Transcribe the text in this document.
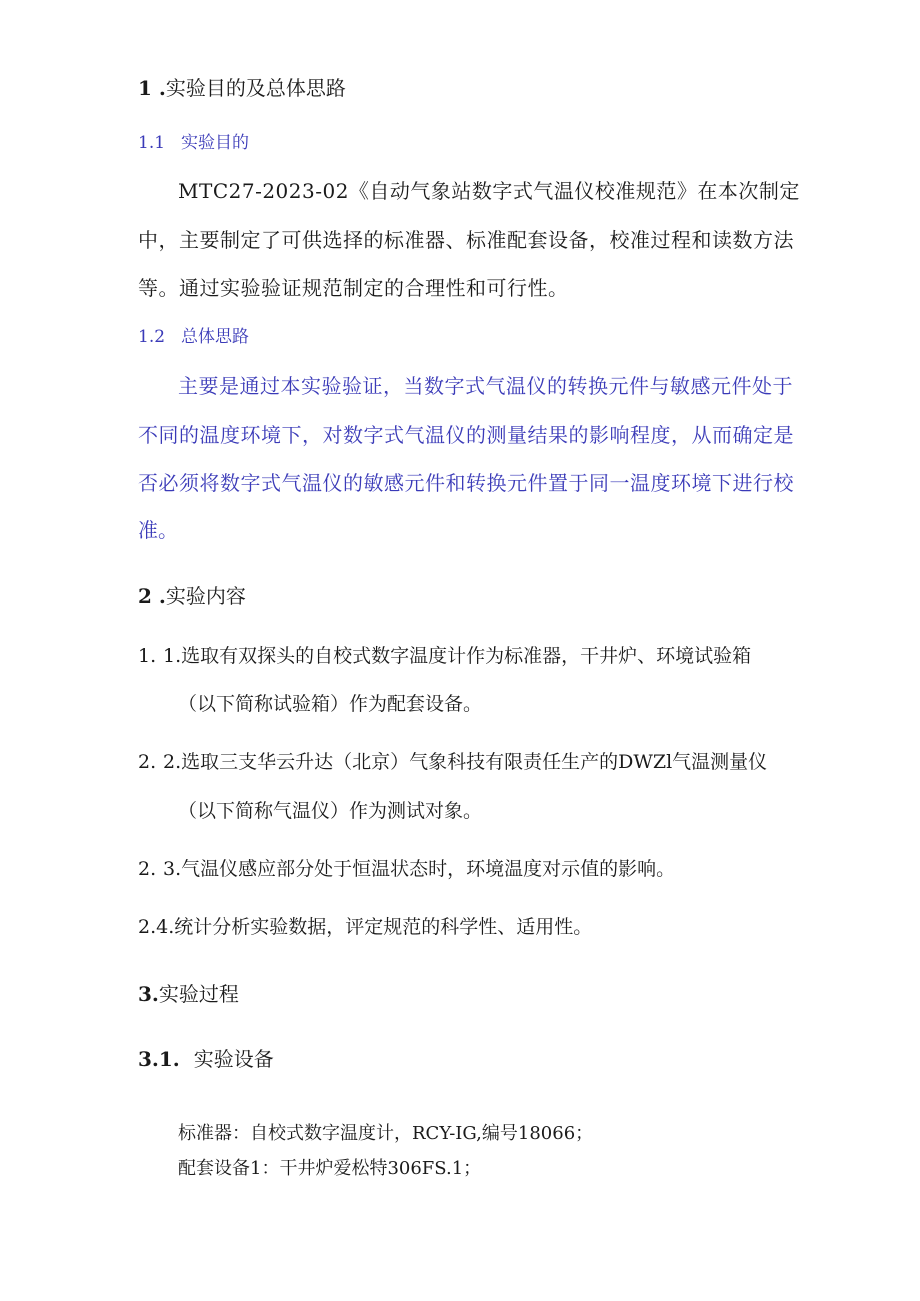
1 .实验目的及总体思路
1.1 实验目的
MTC27-2023-02《自动气象站数字式气温仪校准规范》在本次制定
中，主要制定了可供选择的标准器、标准配套设备，校准过程和读数方法
等。通过实验验证规范制定的合理性和可行性。
1.2 总体思路
主要是通过本实验验证，当数字式气温仪的转换元件与敏感元件处于
不同的温度环境下，对数字式气温仪的测量结果的影响程度，从而确定是
否必须将数字式气温仪的敏感元件和转换元件置于同一温度环境下进行校
准。
2 .实验内容
1. 1.选取有双探头的自校式数字温度计作为标准器，干井炉、环境试验箱
（以下简称试验箱）作为配套设备。
2. 2.选取三支华云升达（北京）气象科技有限责任生产的DWZl气温测量仪
（以下简称气温仪）作为测试对象。
2. 3.气温仪感应部分处于恒温状态时，环境温度对示值的影响。
2.4.统计分析实验数据，评定规范的科学性、适用性。
3.实验过程
3.1. 实验设备
标准器：自校式数字温度计，RCY-IG,编号18066；
配套设备1：干井炉爱松特306FS.1；
